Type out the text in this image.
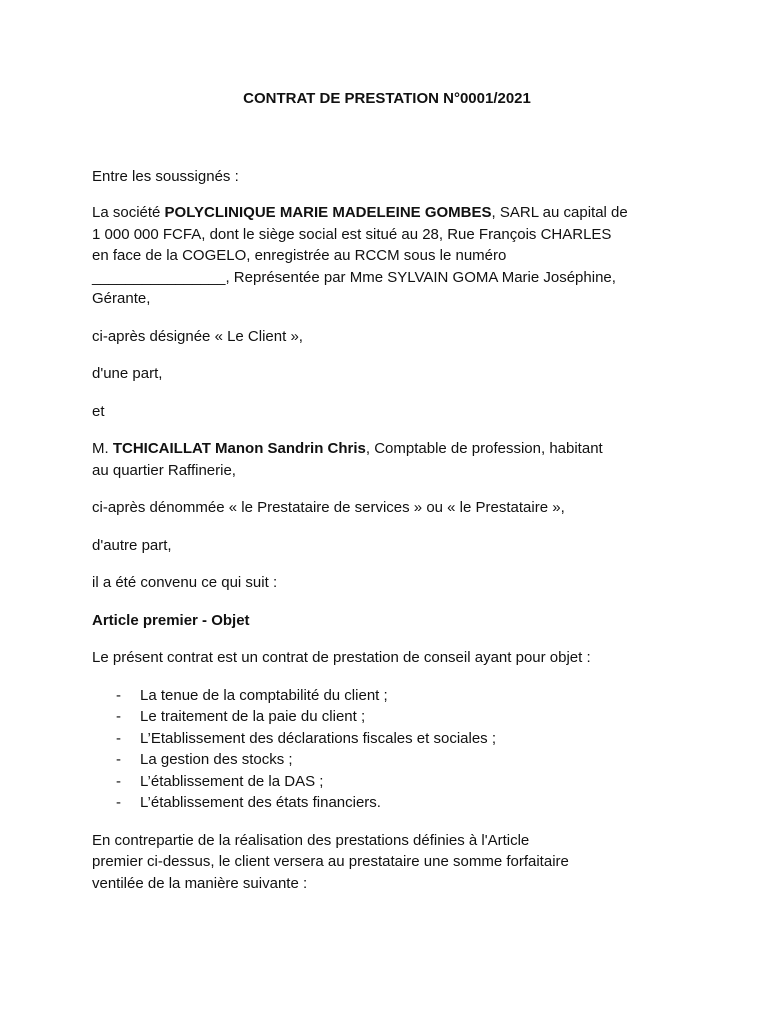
CONTRAT DE PRESTATION N°0001/2021

Entre les soussignés :

La société POLYCLINIQUE MARIE MADELEINE GOMBES, SARL au capital de
1 000 000 FCFA, dont le siège social est situé au 28, Rue François CHARLES
en face de la COGELO, enregistrée au RCCM sous le numéro
________________, Représentée par Mme SYLVAIN GOMA Marie Joséphine,
Gérante,

ci-après désignée « Le Client »,

d'une part,

et

M. TCHICAILLAT Manon Sandrin Chris, Comptable de profession, habitant
au quartier Raffinerie,

ci-après dénommée « le Prestataire de services » ou « le Prestataire »,

d'autre part,

il a été convenu ce qui suit :

Article premier - Objet

Le présent contrat est un contrat de prestation de conseil ayant pour objet :

- La tenue de la comptabilité du client ;
- Le traitement de la paie du client ;
- L’Etablissement des déclarations fiscales et sociales ;
- La gestion des stocks ;
- L’établissement de la DAS ;
- L’établissement des états financiers.

En contrepartie de la réalisation des prestations définies à l'Article
premier ci-dessus, le client versera au prestataire une somme forfaitaire
ventilée de la manière suivante :
